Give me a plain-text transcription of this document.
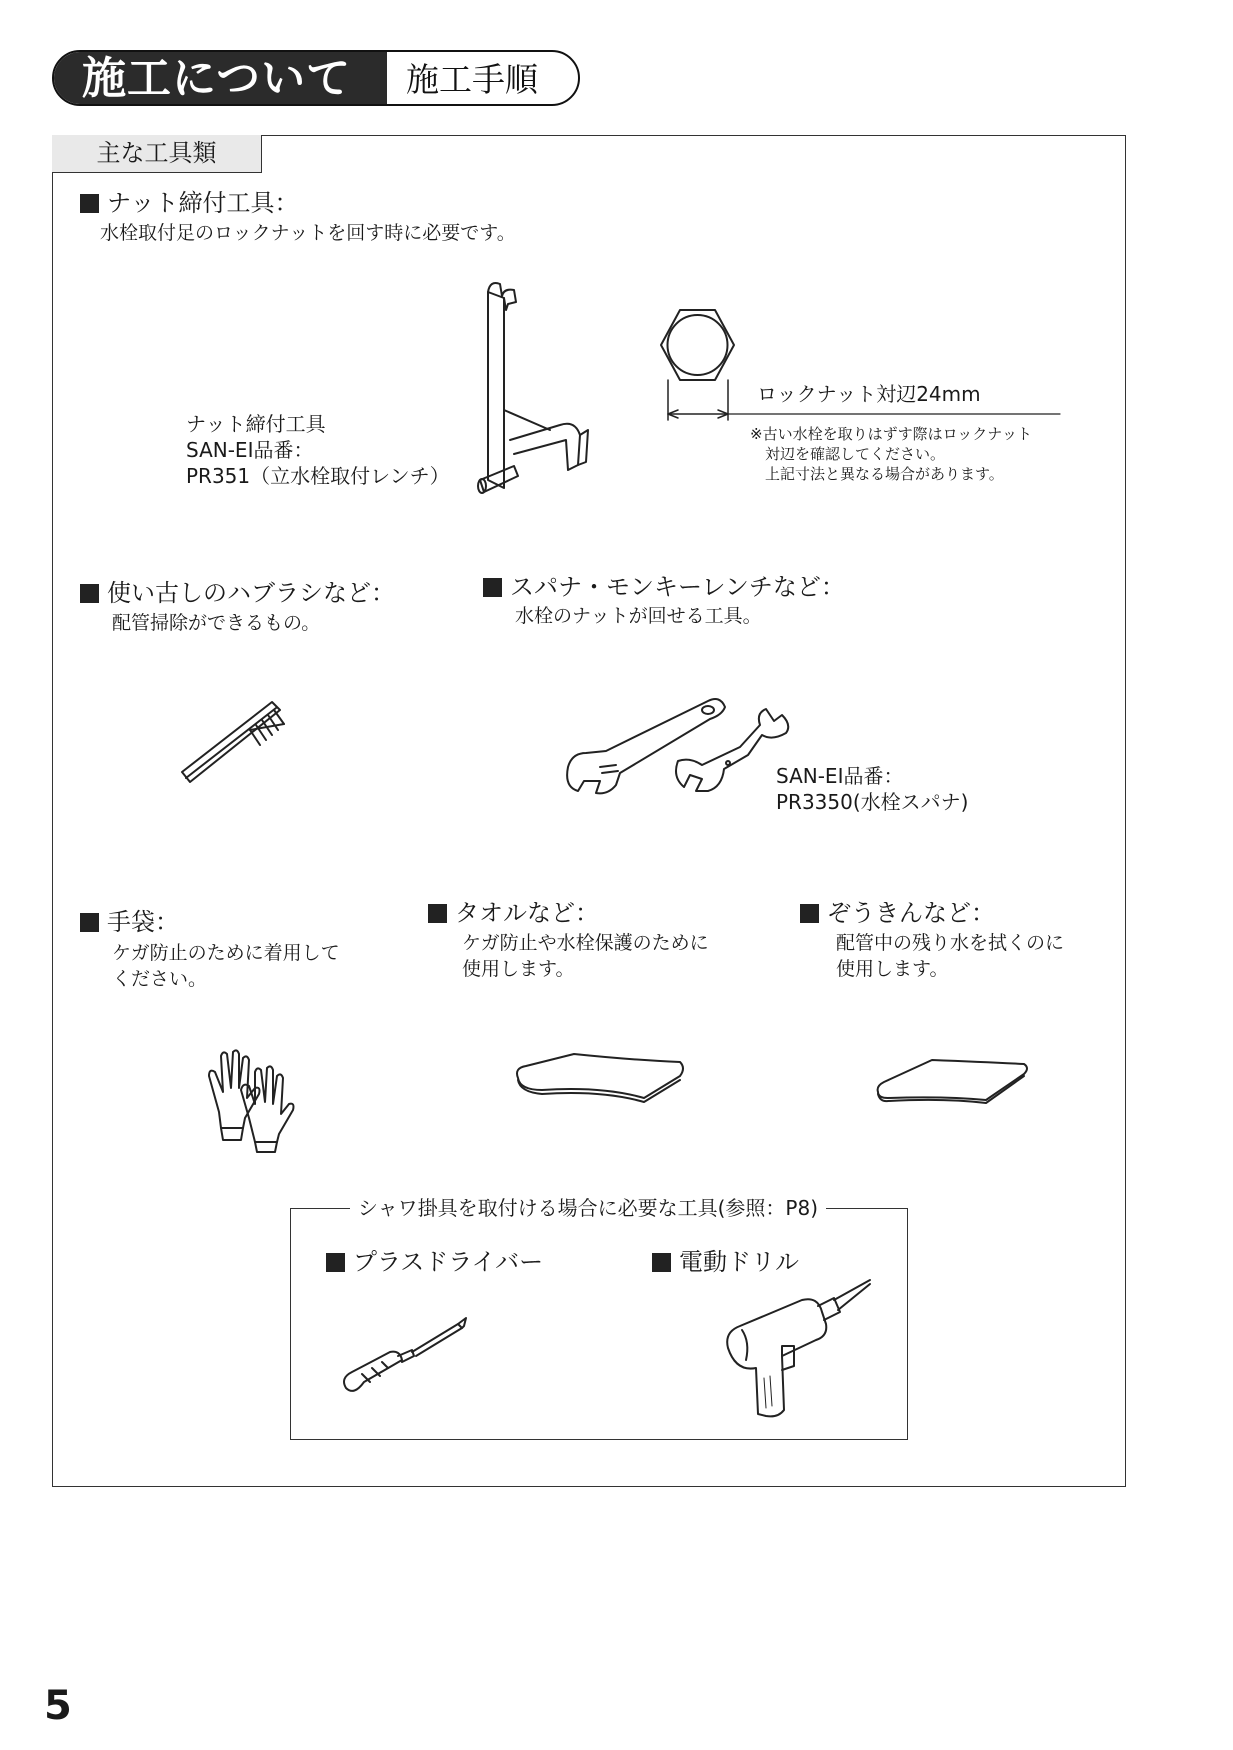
施工について 施工手順
主な工具類
ナット締付工具：
水栓取付足のロックナットを回す時に必要です。
ナット締付工具
SAN-EI品番：
PR351（立水栓取付レンチ）
ロックナット対辺24mm
※古い水栓を取りはずす際はロックナット
対辺を確認してください。
上記寸法と異なる場合があります。
使い古しのハブラシなど：
配管掃除ができるもの。
スパナ・モンキーレンチなど：
水栓のナットが回せる工具。
SAN-EI品番：
PR3350(水栓スパナ)
手袋：
ケガ防止のために着用して
ください。
タオルなど：
ケガ防止や水栓保護のために
使用します。
ぞうきんなど：
配管中の残り水を拭くのに
使用します。
シャワ掛具を取付ける場合に必要な工具(参照：P8)
プラスドライバー	電動ドリル
5
